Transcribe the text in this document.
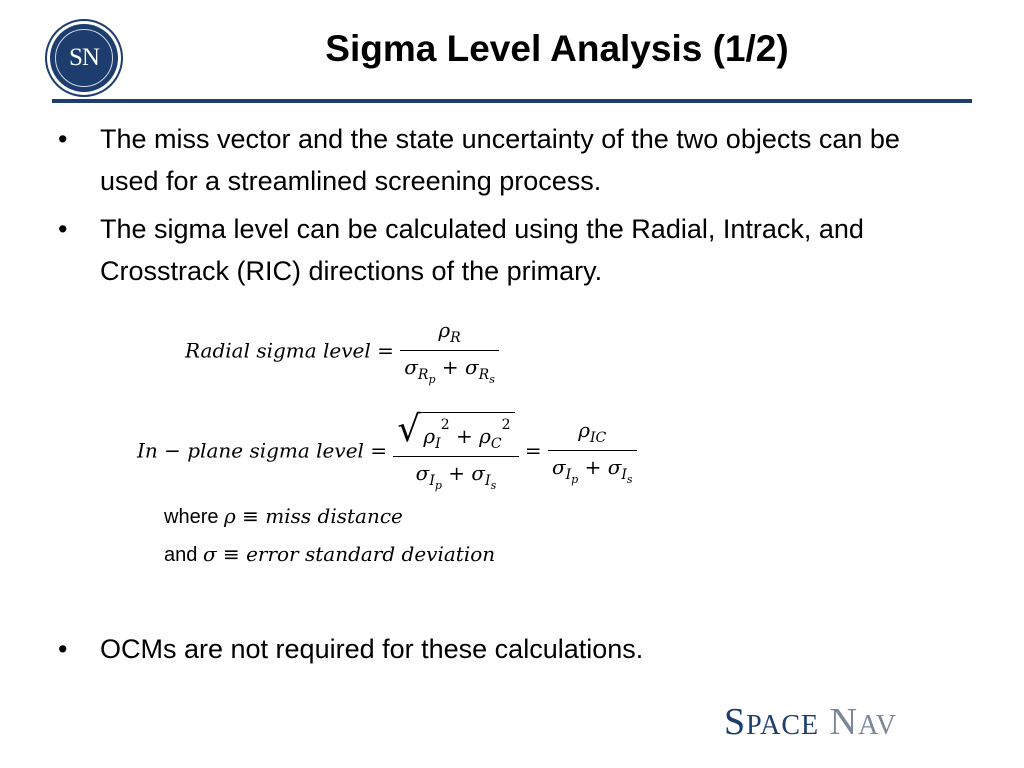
SN	Sigma Level Analysis (1/2)
• The miss vector and the state uncertainty of the two objects can be used for a streamlined screening process.
• The sigma level can be calculated using the Radial, Intrack, and Crosstrack (RIC) directions of the primary.
Radial sigma level = $\frac{\rho_R}{\sigma_{R_p} + \sigma_{R_s}}$
In − plane sigma level = $\frac{√ \rho_I^2 + \rho_C^2}{\sigma_{I_p} + \sigma_{I_s}} = \frac{\rho_{IC}}{\sigma_{I_p} + \sigma_{I_s}}$
where ρ ≡ miss distance
and σ ≡ error standard deviation
• OCMs are not required for these calculations.
SPACE NAV
